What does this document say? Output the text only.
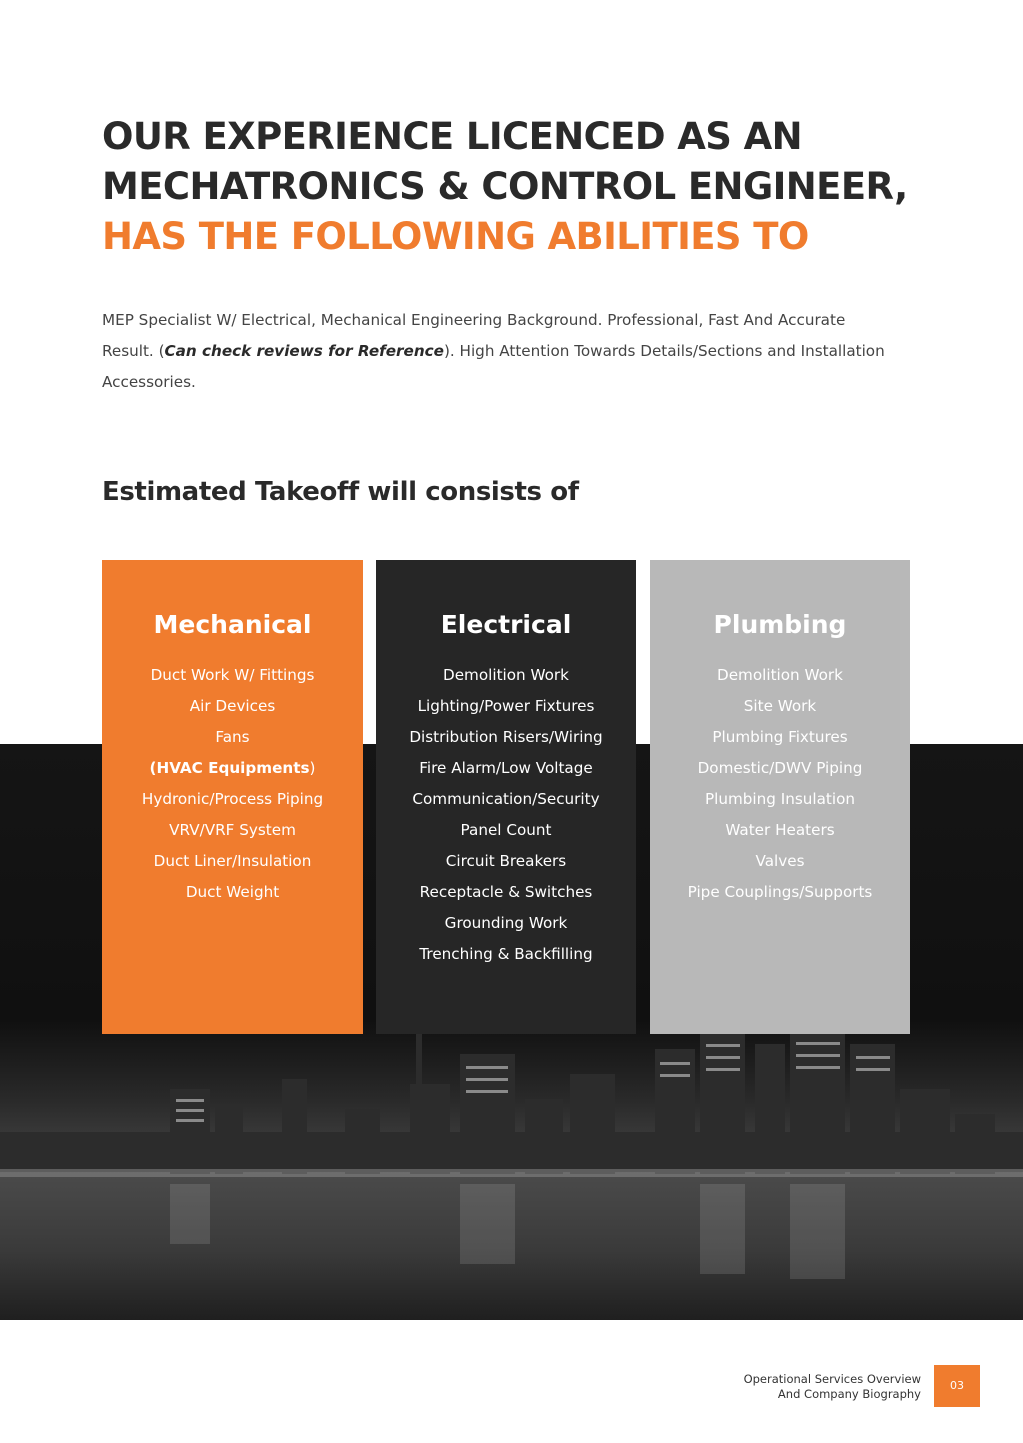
OUR EXPERIENCE LICENCED AS AN
MECHATRONICS & CONTROL ENGINEER,
HAS THE FOLLOWING ABILITIES TO

MEP Specialist W/ Electrical, Mechanical Engineering Background. Professional, Fast And Accurate Result. (Can check reviews for Reference). High Attention Towards Details/Sections and Installation Accessories.

Estimated Takeoff will consists of
Mechanical
Duct Work W/ Fittings
Air Devices
Fans
(HVAC Equipments)
Hydronic/Process Piping
VRV/VRF System
Duct Liner/Insulation
Duct Weight
Electrical
Demolition Work
Lighting/Power Fixtures
Distribution Risers/Wiring
Fire Alarm/Low Voltage
Communication/Security
Panel Count
Circuit Breakers
Receptacle & Switches
Grounding Work
Trenching & Backfilling
Plumbing
Demolition Work
Site Work
Plumbing Fixtures
Domestic/DWV Piping
Plumbing Insulation
Water Heaters
Valves
Pipe Couplings/Supports
Operational Services Overview
And Company Biography
03
